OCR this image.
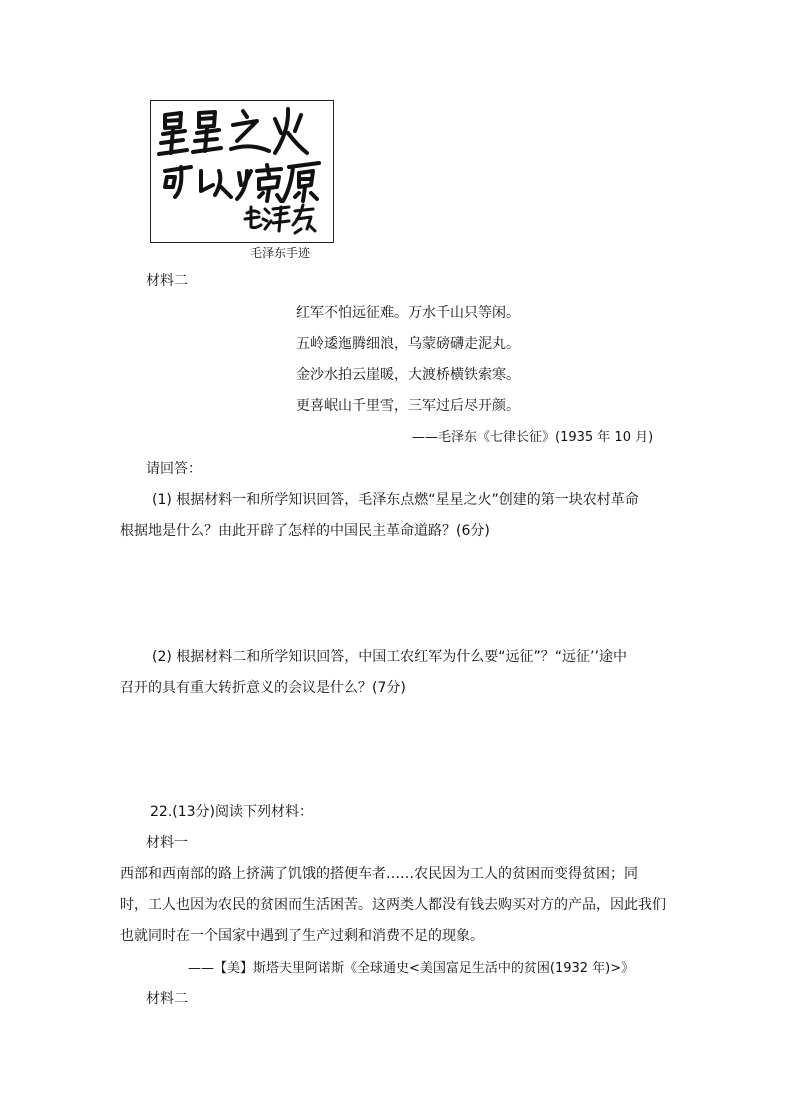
毛泽东手迹
材料二
红军不怕远征难。万水千山只等闲。
五岭逶迤腾细浪，乌蒙磅礴走泥丸。
金沙水拍云崖暖，大渡桥横铁索寒。
更喜岷山千里雪，三军过后尽开颜。
——毛泽东《七律长征》(1935 年 10 月)
请回答：
(1) 根据材料一和所学知识回答，毛泽东点燃“星星之火”创建的第一块农村革命
根据地是什么？由此开辟了怎样的中国民主革命道路？(6分)
(2) 根据材料二和所学知识回答，中国工农红军为什么要“远征”？“远征’’途中
召开的具有重大转折意义的会议是什么？(7分)
22.(13分)阅读下列材料：
材料一
西部和西南部的路上挤满了饥饿的搭便车者……农民因为工人的贫困而变得贫困；同
时，工人也因为农民的贫困而生活困苦。这两类人都没有钱去购买对方的产品，因此我们
也就同时在一个国家中遇到了生产过剩和消费不足的现象。
——【美】斯塔夫里阿诺斯《全球通史<美国富足生活中的贫困(1932 年)>》
材料二
